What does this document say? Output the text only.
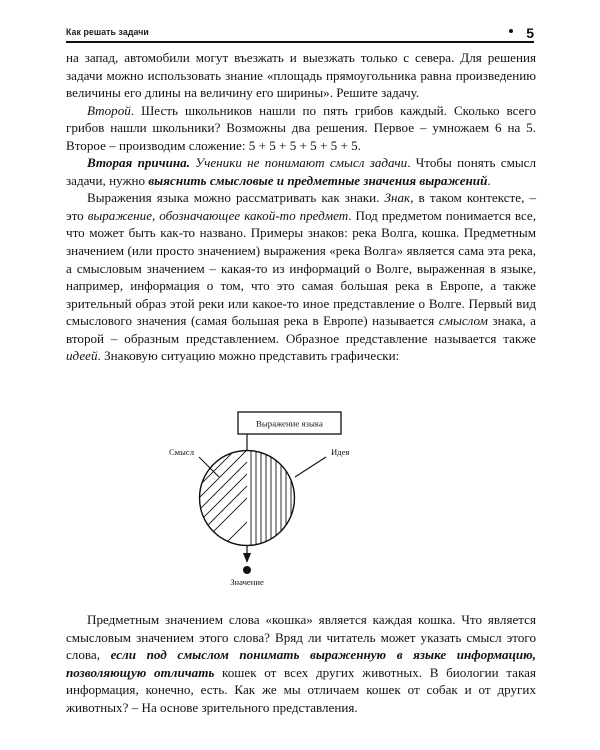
Как решать задачи	5

на запад, автомобили могут въезжать и выезжать только с севера. Для решения задачи можно использовать знание «площадь прямоугольника равна произведению величины его длины на величину его ширины». Решите задачу.

Второй. Шесть школьников нашли по пять грибов каждый. Сколько всего грибов нашли школьники? Возможны два решения. Первое – умножаем 6 на 5. Второе – производим сложение: 5 + 5 + 5 + 5 + 5 + 5.

Вторая причина. Ученики не понимают смысл задачи. Чтобы понять смысл задачи, нужно выяснить смысловые и предметные значения выражений.

Выражения языка можно рассматривать как знаки. Знак, в таком контексте, – это выражение, обозначающее какой-то предмет. Под предметом понимается все, что может быть как-то названо. Примеры знаков: река Волга, кошка. Предметным значением (или просто значением) выражения «река Волга» является сама эта река, а смысловым значением – какая-то из информаций о Волге, выраженная в языке, например, информация о том, что это самая большая река в Европе, а также зрительный образ этой реки или какое-то иное представление о Волге. Первый вид смыслового значения (самая большая река в Европе) называется смыслом знака, а второй – образным представлением. Образное представление называется также идеей. Знаковую ситуацию можно представить графически:

Выражение языка
Смысл	Идея
Значение

Предметным значением слова «кошка» является каждая кошка. Что является смысловым значением этого слова? Вряд ли читатель может указать смысл этого слова, если под смыслом понимать выраженную в языке информацию, позволяющую отличать кошек от всех других животных. В биологии такая информация, конечно, есть. Как же мы отличаем кошек от собак и от других животных? – На основе зрительного представления.
